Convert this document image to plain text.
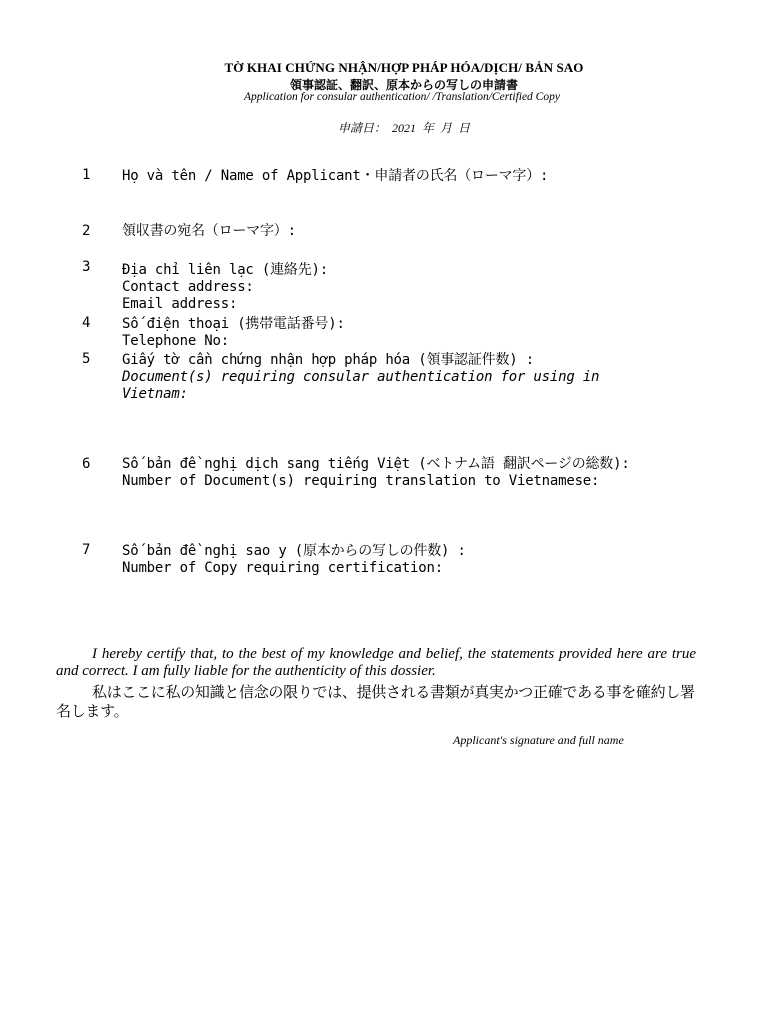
TỜ KHAI CHỨNG NHẬN/HỢP PHÁP HÓA/DỊCH/ BẢN SAO
領事認証、翻訳、原本からの写しの申請書
Application for consular authentication/ /Translation/Certified Copy
申請日： 2021 年 月 日
1	Họ và tên / Name of Applicant・申請者の氏名（ローマ字）:
2	領収書の宛名（ローマ字）:
3	Địa chỉ liên lạc (連絡先):
Contact address:
Email address:
4	Số điện thoại (携帯電話番号):
Telephone No:
5	Giấy tờ cần chứng nhận hợp pháp hóa (領事認証件数) :
Document(s) requiring consular authentication for using in
Vietnam:
6	Số bản đề nghị dịch sang tiếng Việt (ベトナム語 翻訳ページの総数):
Number of Document(s) requiring translation to Vietnamese:
7	Số bản đề nghị sao y (原本からの写しの件数) :
Number of Copy requiring certification:
I hereby certify that, to the best of my knowledge and belief, the statements provided here are true and correct. I am fully liable for the authenticity of this dossier.
私はここに私の知識と信念の限りでは、提供される書類が真実かつ正確である事を確約し署名します。
Applicant's signature and full name
